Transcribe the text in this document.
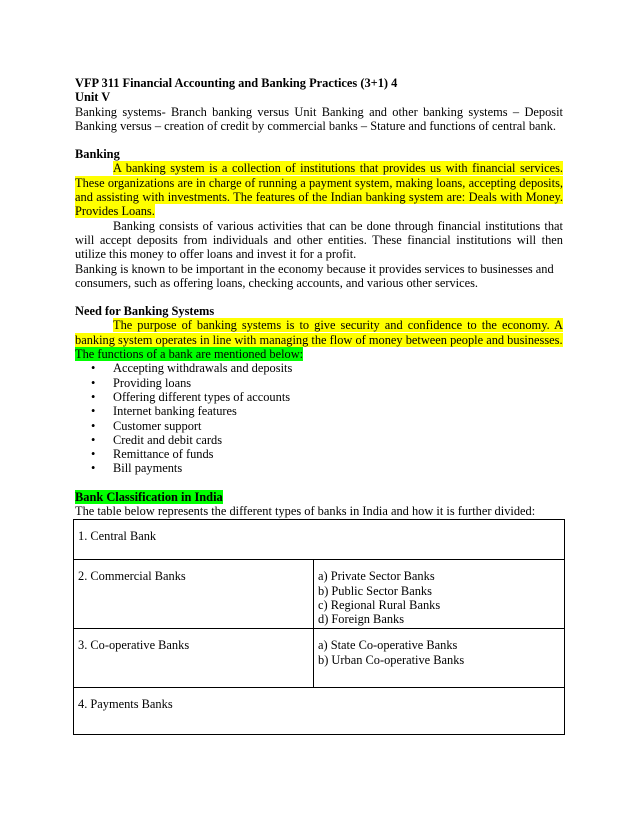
VFP 311 Financial Accounting and Banking Practices (3+1) 4

Unit V

Banking systems- Branch banking versus Unit Banking and other banking systems – Deposit Banking versus – creation of credit by commercial banks – Stature and functions of central bank.

Banking

A banking system is a collection of institutions that provides us with financial services. These organizations are in charge of running a payment system, making loans, accepting deposits, and assisting with investments. The features of the Indian banking system are: Deals with Money. Provides Loans.

Banking consists of various activities that can be done through financial institutions that will accept deposits from individuals and other entities. These financial institutions will then utilize this money to offer loans and invest it for a profit.

Banking is known to be important in the economy because it provides services to businesses and consumers, such as offering loans, checking accounts, and various other services.

Need for Banking Systems

The purpose of banking systems is to give security and confidence to the economy. A banking system operates in line with managing the flow of money between people and businesses.

The functions of a bank are mentioned below:

• Accepting withdrawals and deposits
• Providing loans
• Offering different types of accounts
• Internet banking features
• Customer support
• Credit and debit cards
• Remittance of funds
• Bill payments

Bank Classification in India

The table below represents the different types of banks in India and how it is further divided:

1. Central Bank	
2. Commercial Banks	a) Private Sector Banks
b) Public Sector Banks
c) Regional Rural Banks
d) Foreign Banks

3. Co-operative Banks	a) State Co-operative Banks
b) Urban Co-operative Banks

4. Payments Banks	
